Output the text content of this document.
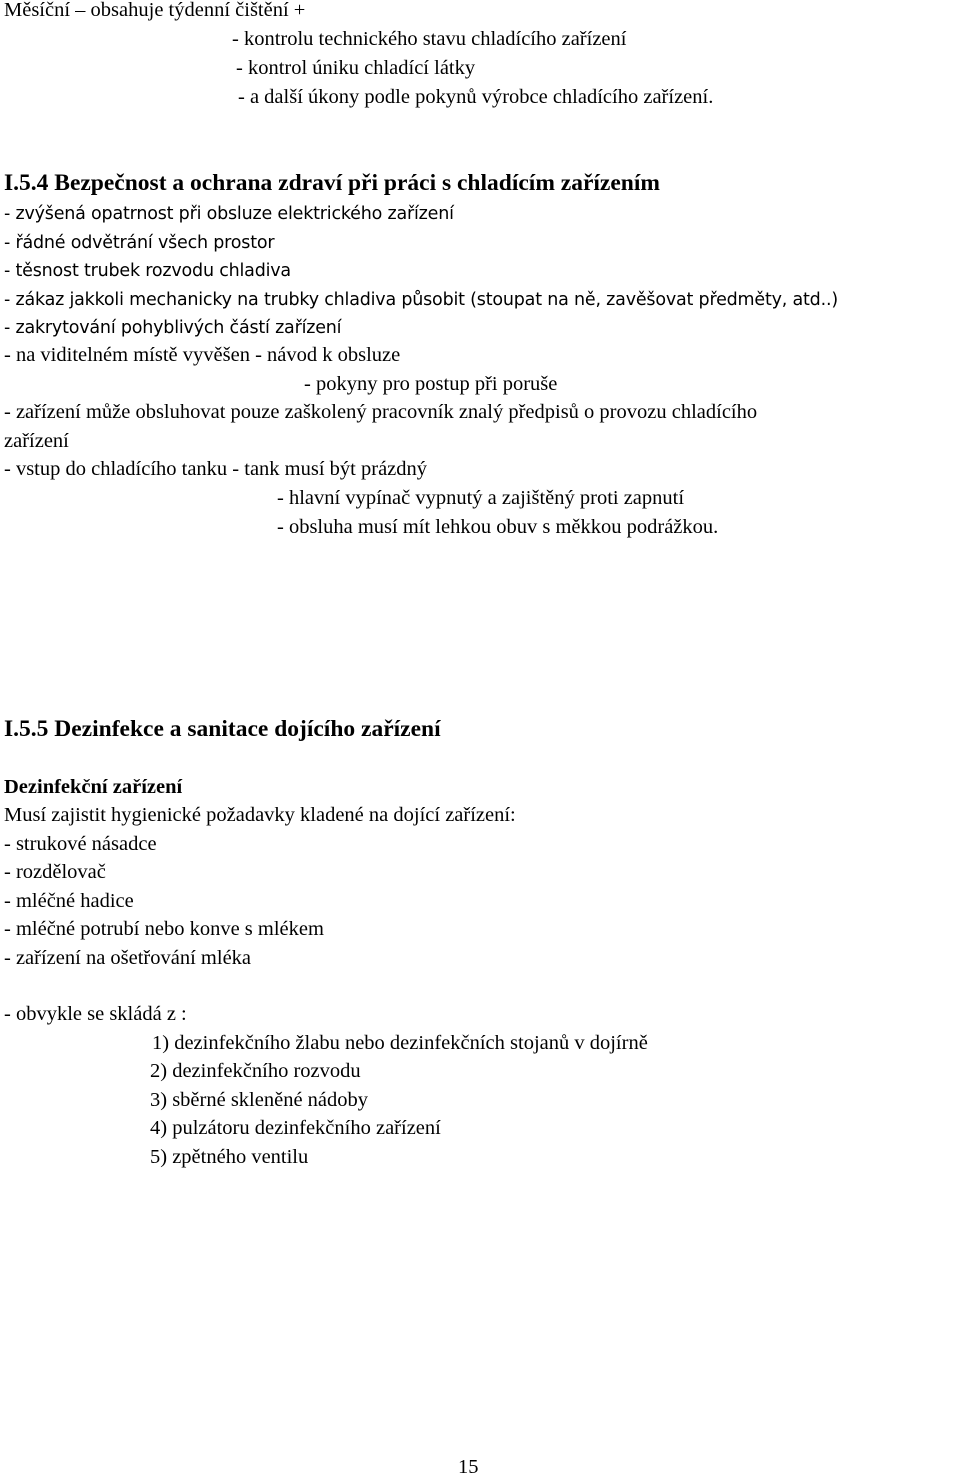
Měsíční – obsahuje týdenní čištění +

- kontrolu technického stavu chladícího zařízení

- kontrol úniku chladící látky

- a další úkony podle pokynů výrobce chladícího zařízení.

I.5.4 Bezpečnost a ochrana zdraví při práci s chladícím zařízením

- zvýšená opatrnost při obsluze elektrického zařízení

- řádné odvětrání všech prostor

- těsnost trubek rozvodu chladiva

- zákaz jakkoli mechanicky na trubky chladiva působit (stoupat na ně, zavěšovat předměty, atd..)

- zakrytování pohyblivých částí zařízení

- na viditelném místě vyvěšen - návod k obsluze

- pokyny pro postup při poruše

- zařízení může obsluhovat pouze zaškolený pracovník znalý předpisů o provozu chladícího

zařízení

- vstup do chladícího tanku - tank musí být prázdný

- hlavní vypínač vypnutý a zajištěný proti zapnutí

- obsluha musí mít lehkou obuv s měkkou podrážkou.

I.5.5 Dezinfekce a sanitace dojícího zařízení

Dezinfekční zařízení

Musí zajistit hygienické požadavky kladené na dojící zařízení:

- strukové násadce

- rozdělovač

- mléčné hadice

- mléčné potrubí nebo konve s mlékem

- zařízení na ošetřování mléka

- obvykle se skládá z :

1) dezinfekčního žlabu nebo dezinfekčních stojanů v dojírně

2) dezinfekčního rozvodu

3) sběrné skleněné nádoby

4) pulzátoru dezinfekčního zařízení

5) zpětného ventilu

15
